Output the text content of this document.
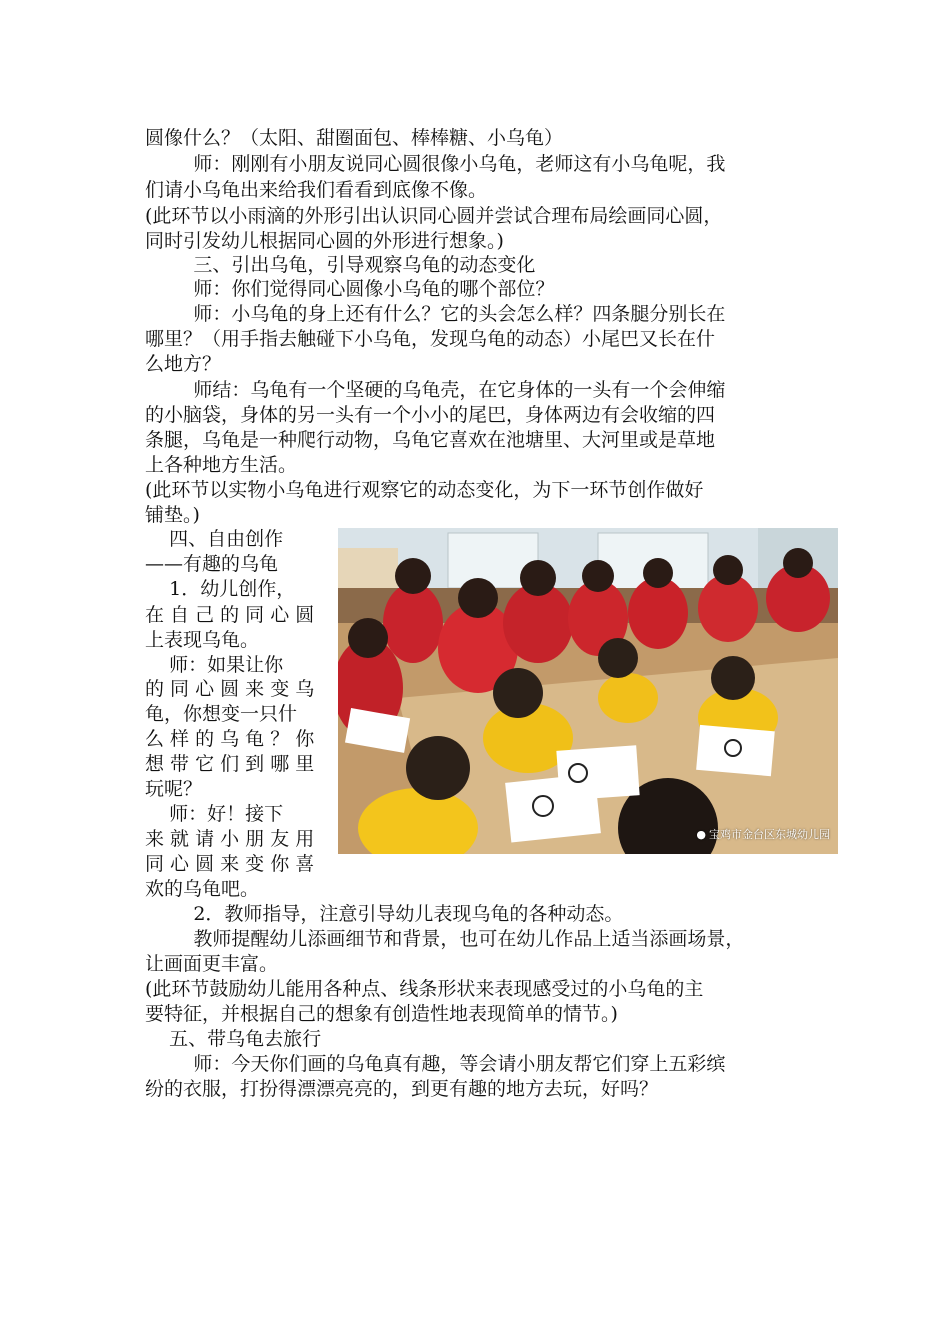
圆像什么？（太阳、甜圈面包、棒棒糖、小乌龟）
师：刚刚有小朋友说同心圆很像小乌龟，老师这有小乌龟呢，我
们请小乌龟出来给我们看看到底像不像。
(此环节以小雨滴的外形引出认识同心圆并尝试合理布局绘画同心圆，
同时引发幼儿根据同心圆的外形进行想象。)
三、引出乌龟，引导观察乌龟的动态变化
师：你们觉得同心圆像小乌龟的哪个部位？
师：小乌龟的身上还有什么？它的头会怎么样？四条腿分别长在
哪里？（用手指去触碰下小乌龟，发现乌龟的动态）小尾巴又长在什
么地方？
师结：乌龟有一个坚硬的乌龟壳，在它身体的一头有一个会伸缩
的小脑袋，身体的另一头有一个小小的尾巴，身体两边有会收缩的四
条腿，乌龟是一种爬行动物，乌龟它喜欢在池塘里、大河里或是草地
上各种地方生活。
(此环节以实物小乌龟进行观察它的动态变化，为下一环节创作做好
铺垫。)
四、自由创作
——有趣的乌龟
1．幼儿创作，
在 自 己 的 同 心 圆
上表现乌龟。
师：如果让你
的 同 心 圆 来 变 乌
龟，你想变一只什
么 样 的 乌 龟 ？ 你
想 带 它 们 到 哪 里
玩呢？
师：好！接下
来 就 请 小 朋 友 用
同 心 圆 来 变 你 喜
欢的乌龟吧。
● 宝鸡市金台区东城幼儿园
2．教师指导，注意引导幼儿表现乌龟的各种动态。
教师提醒幼儿添画细节和背景，也可在幼儿作品上适当添画场景，
让画面更丰富。
(此环节鼓励幼儿能用各种点、线条形状来表现感受过的小乌龟的主
要特征，并根据自己的想象有创造性地表现简单的情节。)
五、带乌龟去旅行
师：今天你们画的乌龟真有趣，等会请小朋友帮它们穿上五彩缤
纷的衣服，打扮得漂漂亮亮的，到更有趣的地方去玩，好吗？
